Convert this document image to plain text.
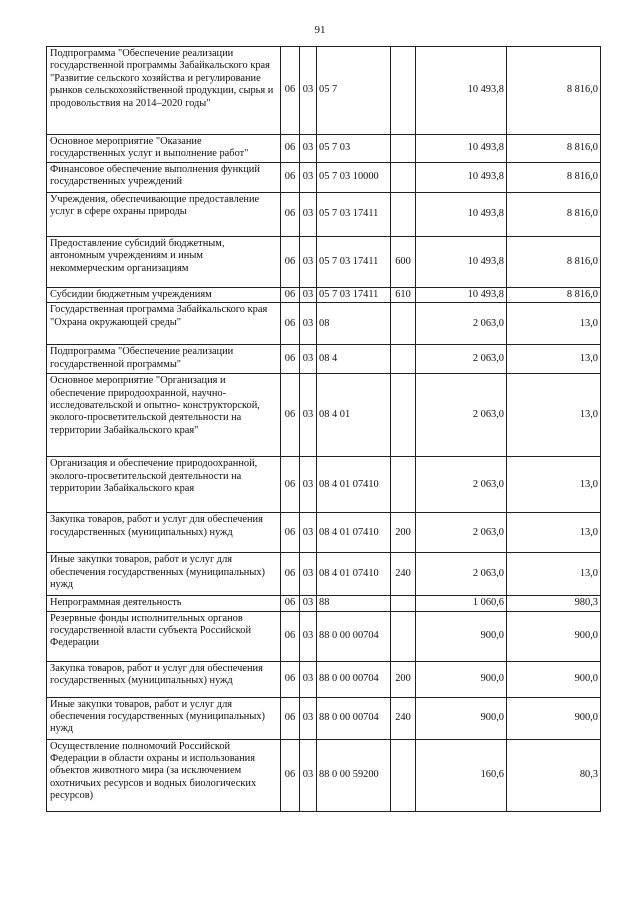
91
Подпрограмма "Обеспечение реализации государственной программы Забайкальского края "Развитие сельского хозяйства и регулирование рынков сельскохозяйственной продукции, сырья и продовольствия на 2014–2020 годы"	06	03	05 7		10 493,8	8 816,0
Основное мероприятие "Оказание государственных услуг и выполнение работ"	06	03	05 7 03		10 493,8	8 816,0
Финансовое обеспечение выполнения функций государственных учреждений	06	03	05 7 03 10000		10 493,8	8 816,0
Учреждения, обеспечивающие предоставление услуг в сфере охраны природы	06	03	05 7 03 17411		10 493,8	8 816,0
Предоставление субсидий бюджетным, автономным учреждениям и иным некоммерческим организациям	06	03	05 7 03 17411	600	10 493,8	8 816,0
Субсидии бюджетным учреждениям	06	03	05 7 03 17411	610	10 493,8	8 816,0
Государственная программа Забайкальского края "Охрана окружающей среды"	06	03	08		2 063,0	13,0
Подпрограмма "Обеспечение реализации государственной программы"	06	03	08 4		2 063,0	13,0
Основное мероприятие "Организация и обеспечение природоохранной, научно-исследовательской и опытно- конструкторской, эколого-просветительской деятельности на территории Забайкальского края"	06	03	08 4 01		2 063,0	13,0
Организация и обеспечение природоохранной, эколого-просветительской деятельности на территории Забайкальского края	06	03	08 4 01 07410		2 063,0	13,0
Закупка товаров, работ и услуг для обеспечения государственных (муниципальных) нужд	06	03	08 4 01 07410	200	2 063,0	13,0
Иные закупки товаров, работ и услуг для обеспечения государственных (муниципальных) нужд	06	03	08 4 01 07410	240	2 063,0	13,0
Непрограммная деятельность	06	03	88		1 060,6	980,3
Резервные фонды исполнительных органов государственной власти субъекта Российской Федерации	06	03	88 0 00 00704		900,0	900,0
Закупка товаров, работ и услуг для обеспечения государственных (муниципальных) нужд	06	03	88 0 00 00704	200	900,0	900,0
Иные закупки товаров, работ и услуг для обеспечения государственных (муниципальных) нужд	06	03	88 0 00 00704	240	900,0	900,0
Осуществление полномочий Российской Федерации в области охраны и использования объектов животного мира (за исключением охотничьих ресурсов и водных биологических ресурсов)	06	03	88 0 00 59200		160,6	80,3
